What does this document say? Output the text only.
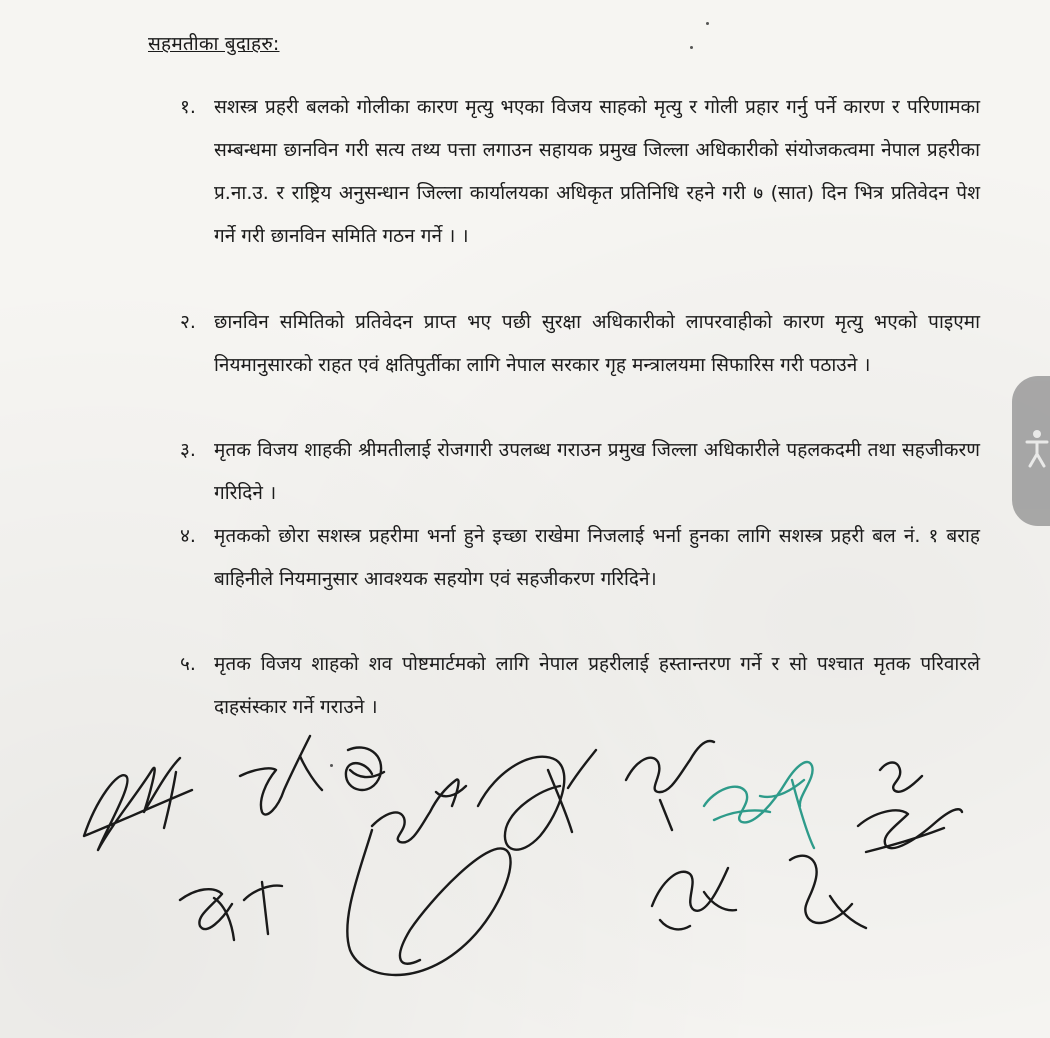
सहमतीका बुदाहरु:
१. सशस्त्र प्रहरी बलको गोलीका कारण मृत्यु भएका विजय साहको मृत्यु र गोली प्रहार गर्नु पर्ने कारण र परिणामका सम्बन्धमा छानविन गरी सत्य तथ्य पत्ता लगाउन सहायक प्रमुख जिल्ला अधिकारीको संयोजकत्वमा नेपाल प्रहरीका प्र.ना.उ. र राष्ट्रिय अनुसन्धान जिल्ला कार्यालयका अधिकृत प्रतिनिधि रहने गरी ७ (सात) दिन भित्र प्रतिवेदन पेश गर्ने गरी छानविन समिति गठन गर्ने । ।
२. छानविन समितिको प्रतिवेदन प्राप्त भए पछी सुरक्षा अधिकारीको लापरवाहीको कारण मृत्यु भएको पाइएमा नियमानुसारको राहत एवं क्षतिपुर्तीका लागि नेपाल सरकार गृह मन्त्रालयमा सिफारिस गरी पठाउने ।
३. मृतक विजय शाहकी श्रीमतीलाई रोजगारी उपलब्ध गराउन प्रमुख जिल्ला अधिकारीले पहलकदमी तथा सहजीकरण गरिदिने ।
४. मृतकको छोरा सशस्त्र प्रहरीमा भर्ना हुने इच्छा राखेमा निजलाई भर्ना हुनका लागि सशस्त्र प्रहरी बल नं. १ बराह बाहिनीले नियमानुसार आवश्यक सहयोग एवं सहजीकरण गरिदिने।
५. मृतक विजय शाहको शव पोष्टमार्टमको लागि नेपाल प्रहरीलाई हस्तान्तरण गर्ने र सो पश्चात मृतक परिवारले दाहसंस्कार गर्ने गराउने ।
